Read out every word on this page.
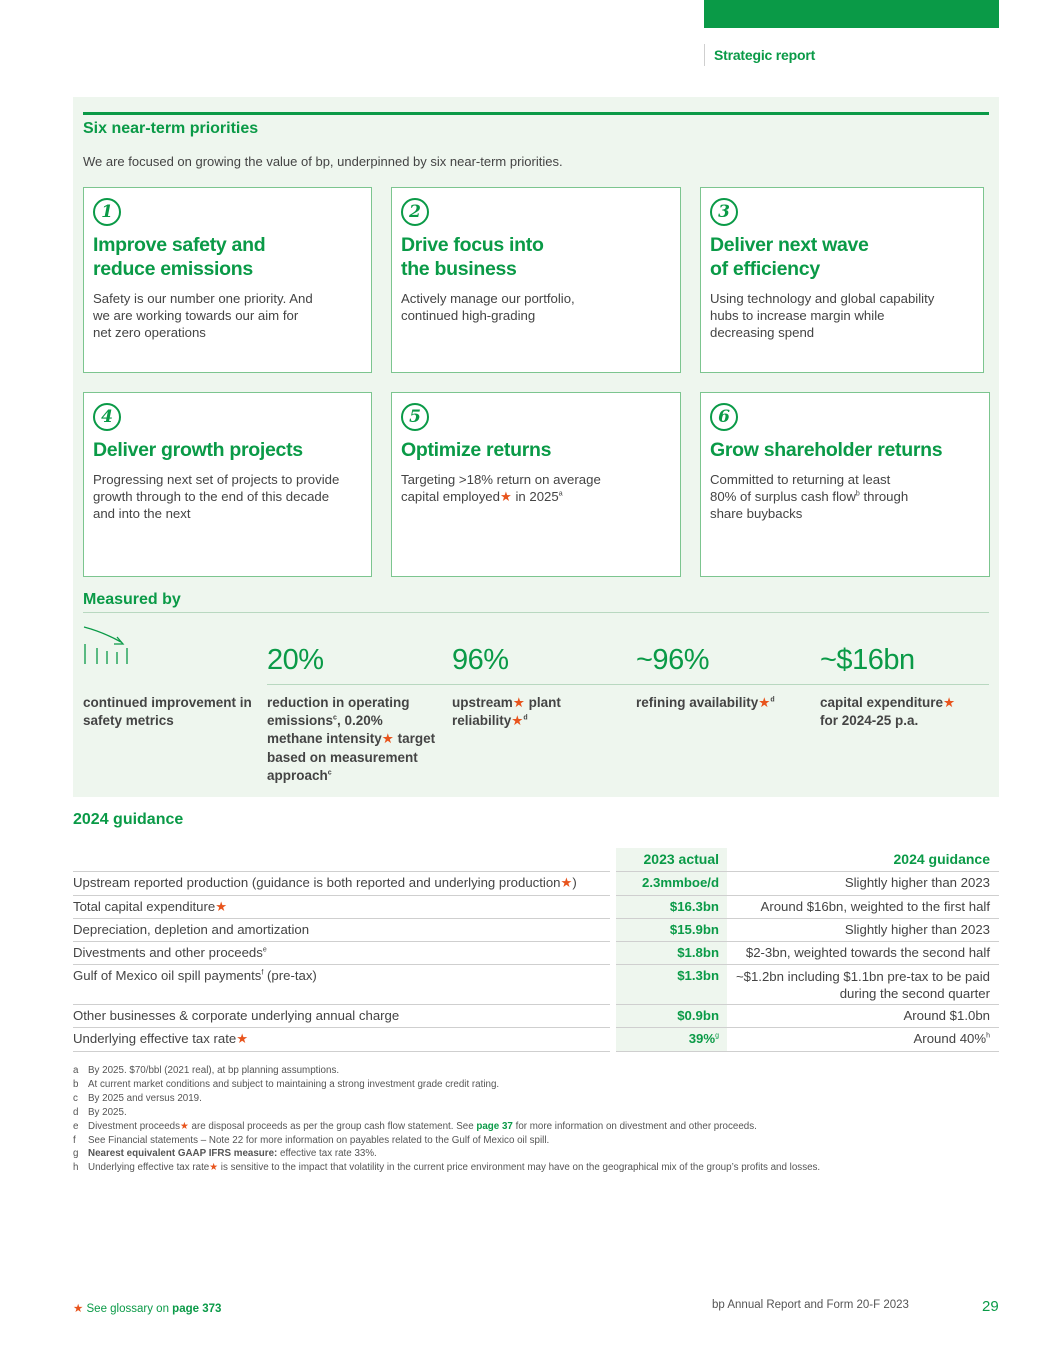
Strategic report
Six near-term priorities
We are focused on growing the value of bp, underpinned by six near-term priorities.
1
Improve safety and
reduce emissions

Safety is our number one priority. And
we are working towards our aim for
net zero operations

2
Drive focus into
the business

Actively manage our portfolio,
continued high-grading

3
Deliver next wave
of efficiency

Using technology and global capability
hubs to increase margin while
decreasing spend

4
Deliver growth projects

Progressing next set of projects to provide
growth through to the end of this decade
and into the next

5
Optimize returns

Targeting >18% return on average
capital employed★ in 2025$^a$

6
Grow shareholder returns

Committed to returning at least
80% of surplus cash flow$^b$ through
share buybacks

Measured by
continued improvement in safety metrics
20%
reduction in operating emissions$^c$, 0.20% methane intensity★ target based on measurement approach$^c$
96%
upstream★ plant reliability★$^d$
~96%
refining availability★$^d$
~$16bn
capital expenditure★
for 2024-25 p.a.
2024 guidance
2023 actual	2024 guidance
Upstream reported production (guidance is both reported and underlying production★)	2.3mmboe/d	Slightly higher than 2023
Total capital expenditure★	$16.3bn	Around $16bn, weighted to the first half
Depreciation, depletion and amortization	$15.9bn	Slightly higher than 2023
Divestments and other proceeds$^e$	$1.8bn	$2-3bn, weighted towards the second half
Gulf of Mexico oil spill payments$^f$ (pre-tax)	$1.3bn	~$1.2bn including $1.1bn pre-tax to be paid
during the second quarter
Other businesses & corporate underlying annual charge	$0.9bn	Around $1.0bn
Underlying effective tax rate★	39%$^g$	Around 40%$^h$
a By 2025. $70/bbl (2021 real), at bp planning assumptions.
b At current market conditions and subject to maintaining a strong investment grade credit rating.
c	By 2025 and versus 2019.
d By 2025.
e Divestment proceeds★ are disposal proceeds as per the group cash flow statement. See page 37 for more information on divestment and other proceeds.
f	See Financial statements – Note 22 for more information on payables related to the Gulf of Mexico oil spill.
g Nearest equivalent GAAP IFRS measure: effective tax rate 33%.
h Underlying effective tax rate★ is sensitive to the impact that volatility in the current price environment may have on the geographical mix of the group’s profits and losses.
★ See glossary on page 373	bp Annual Report and Form 20-F 2023	29
